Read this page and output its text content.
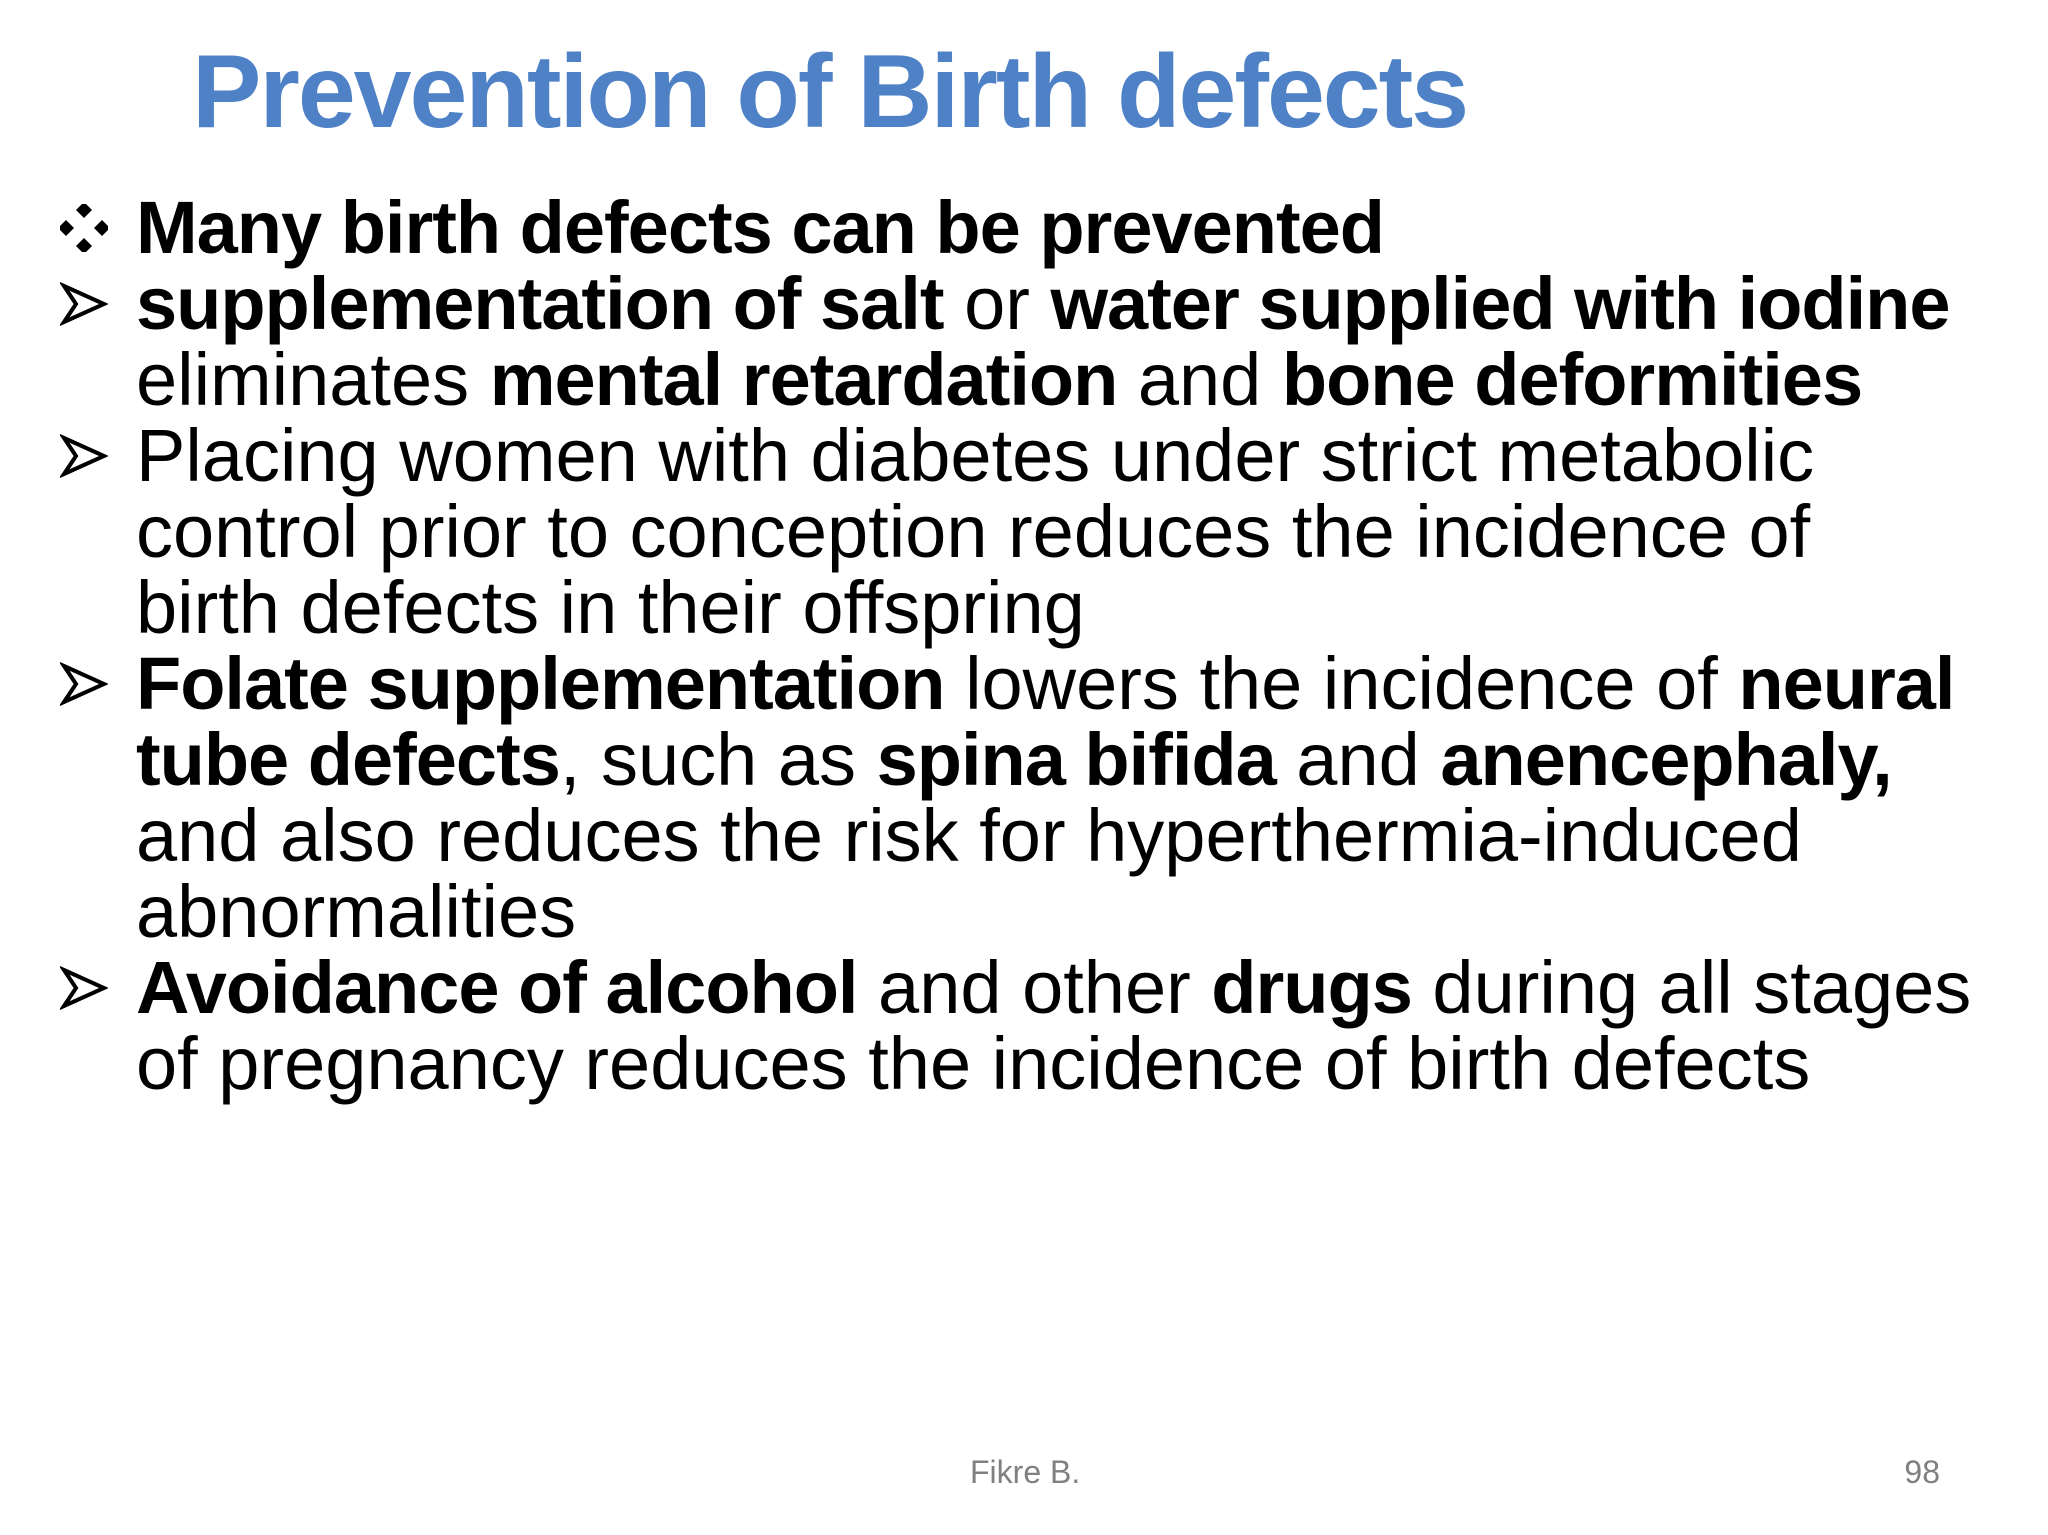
Prevention of Birth defects
Many birth defects can be prevented
supplementation of salt or water supplied with iodine
eliminates mental retardation and bone deformities
Placing women with diabetes under strict metabolic
control prior to conception reduces the incidence of
birth defects in their offspring
Folate supplementation lowers the incidence of neural
tube defects, such as spina bifida and anencephaly,
and also reduces the risk for hyperthermia-induced
abnormalities
Avoidance of alcohol and other drugs during all stages
of pregnancy reduces the incidence of birth defects
Fikre B.	98
